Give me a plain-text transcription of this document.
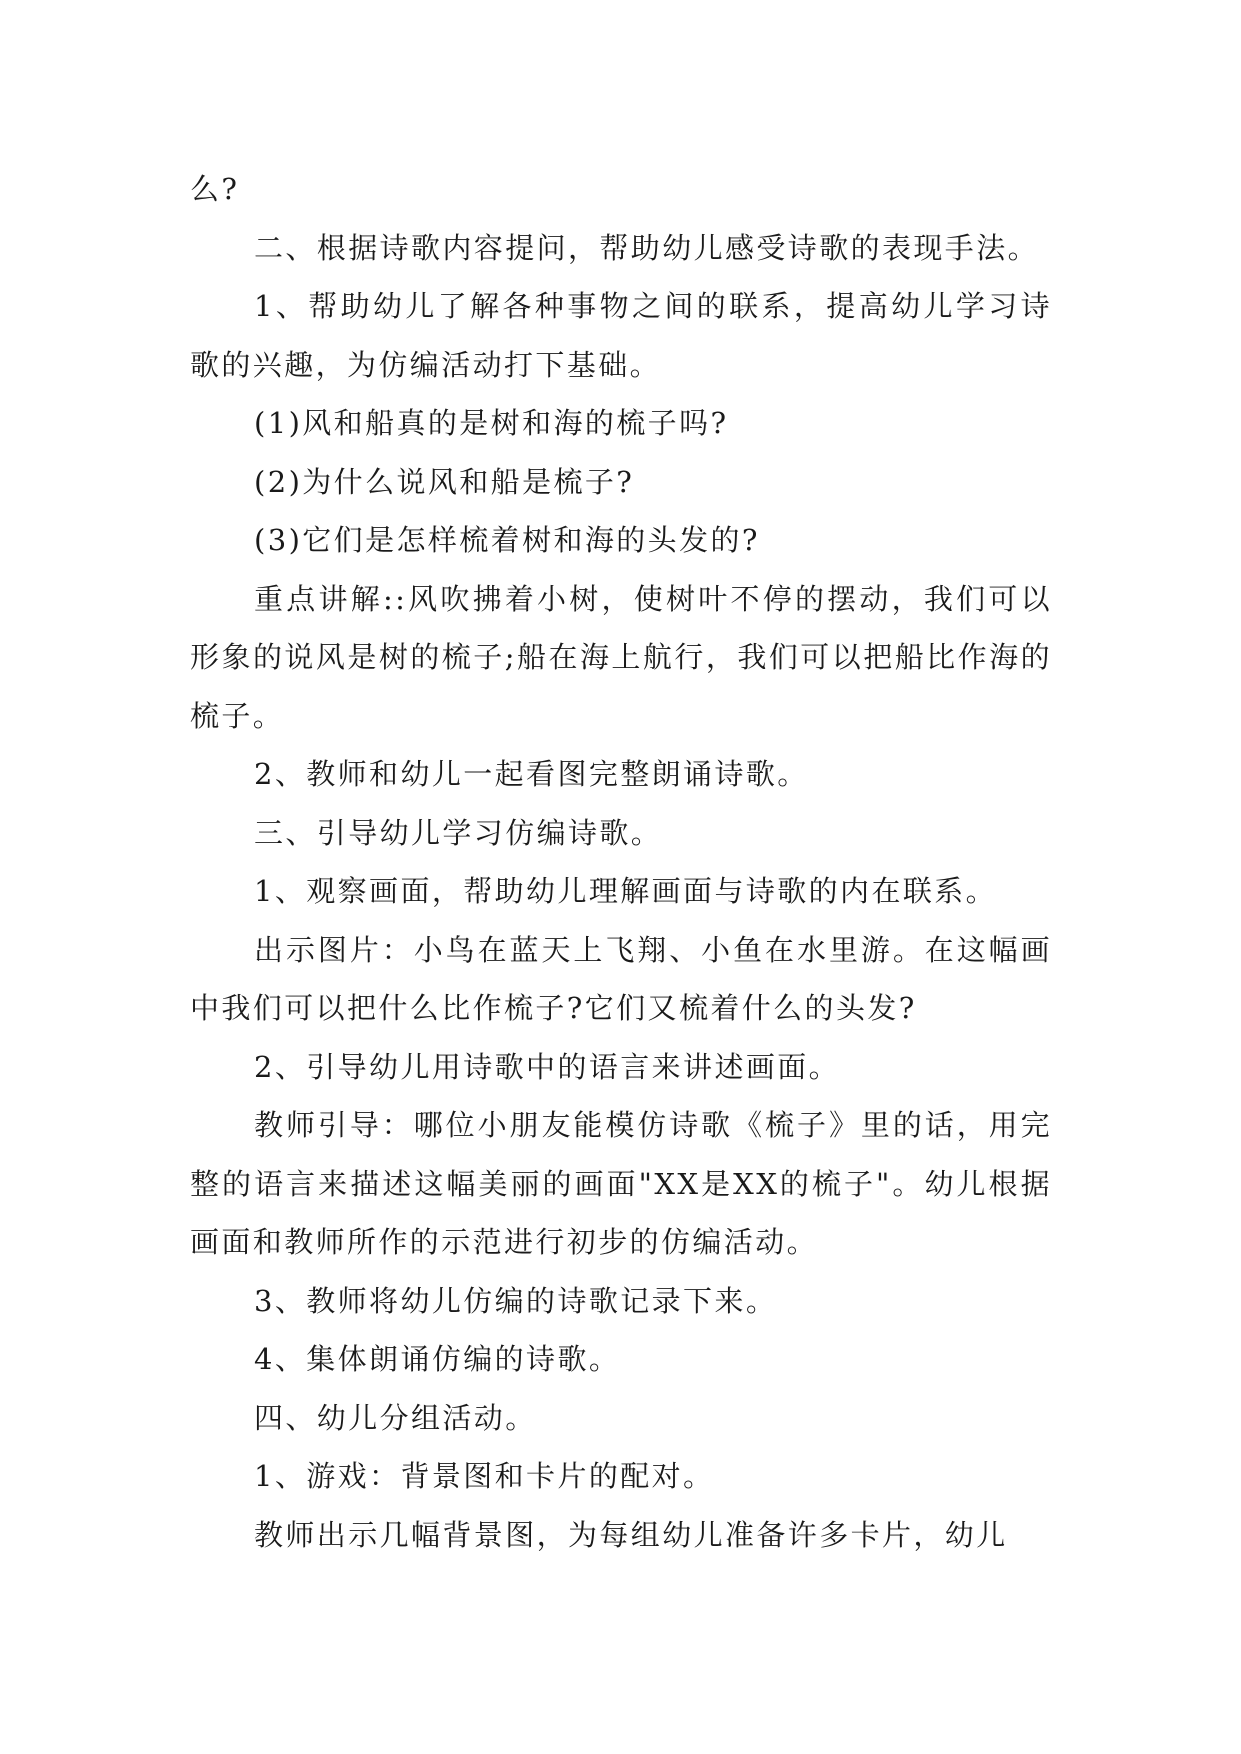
么?

二、根据诗歌内容提问，帮助幼儿感受诗歌的表现手法。

1、帮助幼儿了解各种事物之间的联系，提高幼儿学习诗歌的兴趣，为仿编活动打下基础。

(1)风和船真的是树和海的梳子吗?

(2)为什么说风和船是梳子?

(3)它们是怎样梳着树和海的头发的?

重点讲解::风吹拂着小树，使树叶不停的摆动，我们可以形象的说风是树的梳子;船在海上航行，我们可以把船比作海的梳子。

2、教师和幼儿一起看图完整朗诵诗歌。

三、引导幼儿学习仿编诗歌。

1、观察画面，帮助幼儿理解画面与诗歌的内在联系。

出示图片：小鸟在蓝天上飞翔、小鱼在水里游。在这幅画中我们可以把什么比作梳子?它们又梳着什么的头发?

2、引导幼儿用诗歌中的语言来讲述画面。

教师引导：哪位小朋友能模仿诗歌《梳子》里的话，用完整的语言来描述这幅美丽的画面"XX是XX的梳子"。幼儿根据画面和教师所作的示范进行初步的仿编活动。

3、教师将幼儿仿编的诗歌记录下来。

4、集体朗诵仿编的诗歌。

四、幼儿分组活动。

1、游戏：背景图和卡片的配对。

教师出示几幅背景图，为每组幼儿准备许多卡片，幼儿
